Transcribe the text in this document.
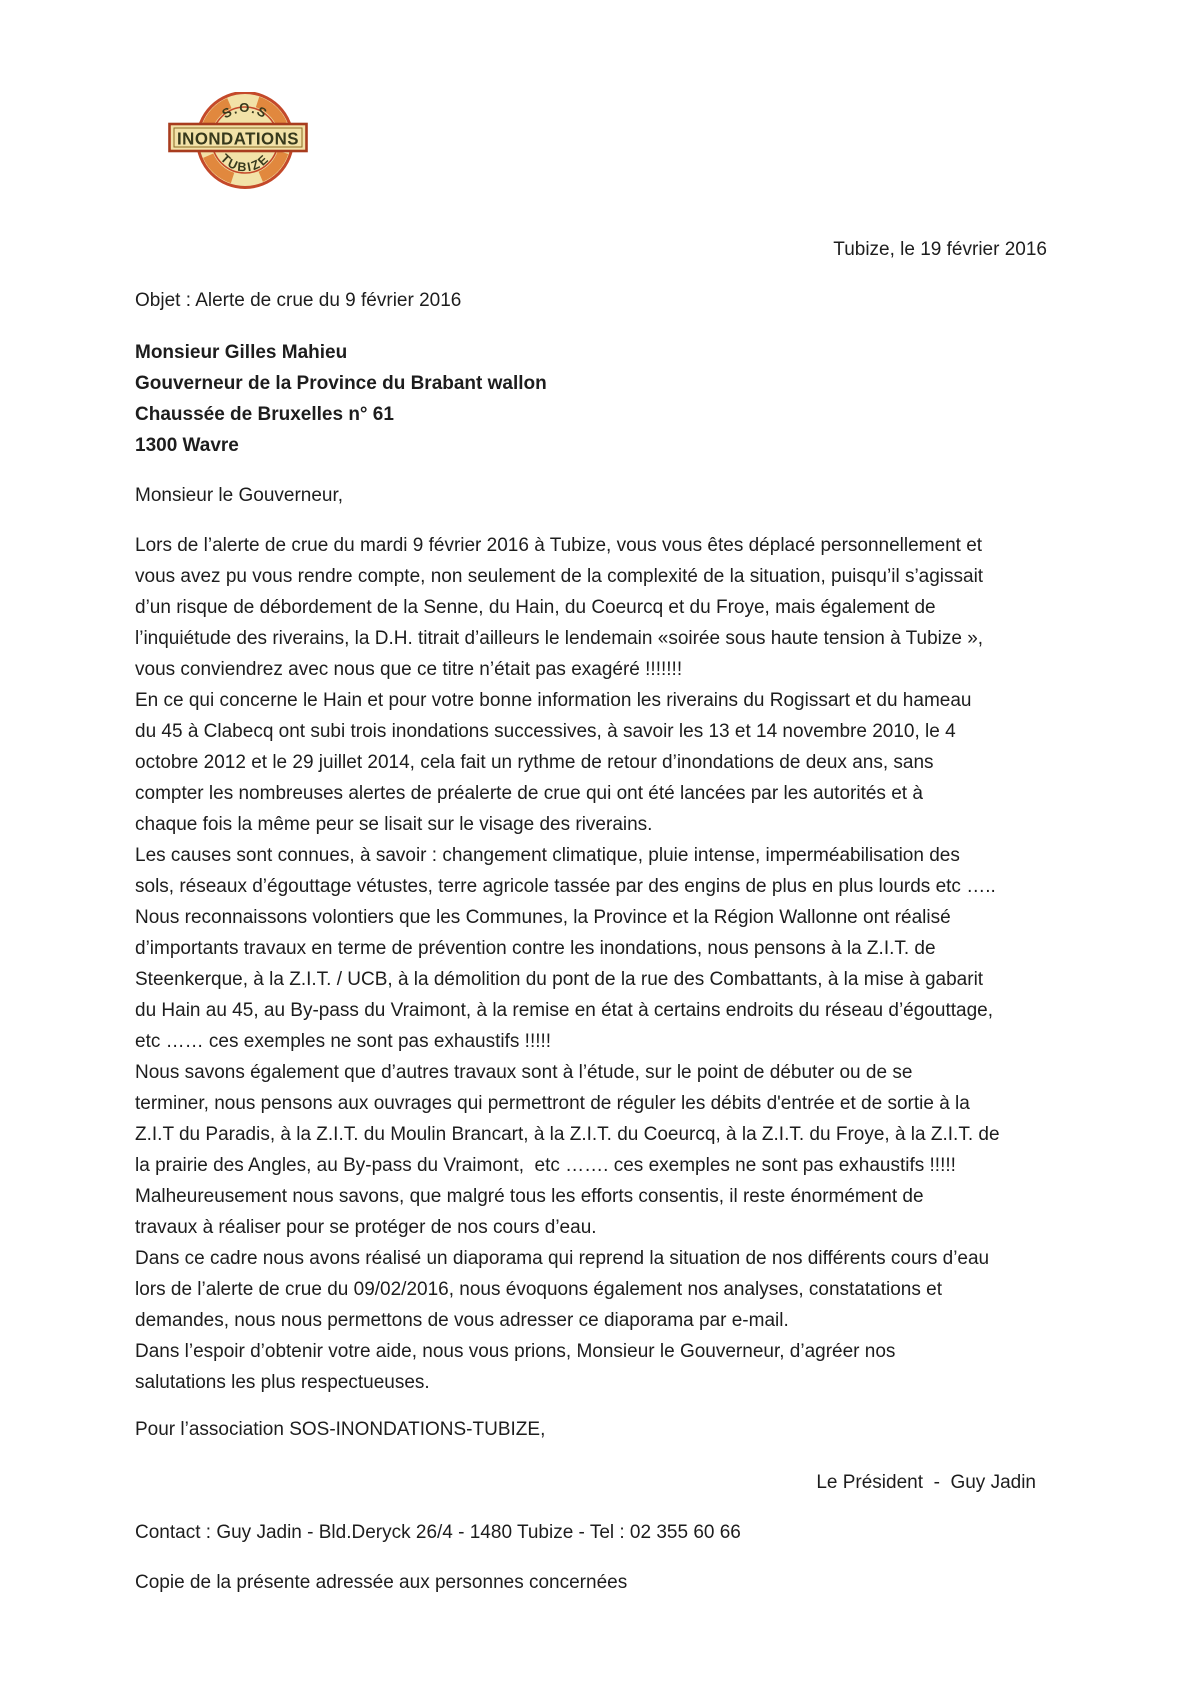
S.O.S
TUBIZE
INONDATIONS
Tubize, le 19 février 2016
Objet : Alerte de crue du 9 février 2016
Monsieur Gilles Mahieu
Gouverneur de la Province du Brabant wallon
Chaussée de Bruxelles n° 61
1300 Wavre
Monsieur le Gouverneur,
Lors de l’alerte de crue du mardi 9 février 2016 à Tubize, vous vous êtes déplacé personnellement et
vous avez pu vous rendre compte, non seulement de la complexité de la situation, puisqu’il s’agissait
d’un risque de débordement de la Senne, du Hain, du Coeurcq et du Froye, mais également de
l’inquiétude des riverains, la D.H. titrait d’ailleurs le lendemain «soirée sous haute tension à Tubize »,
vous conviendrez avec nous que ce titre n’était pas exagéré !!!!!!!
En ce qui concerne le Hain et pour votre bonne information les riverains du Rogissart et du hameau
du 45 à Clabecq ont subi trois inondations successives, à savoir les 13 et 14 novembre 2010, le 4
octobre 2012 et le 29 juillet 2014, cela fait un rythme de retour d’inondations de deux ans, sans
compter les nombreuses alertes de préalerte de crue qui ont été lancées par les autorités et à
chaque fois la même peur se lisait sur le visage des riverains.
Les causes sont connues, à savoir : changement climatique, pluie intense, imperméabilisation des
sols, réseaux d’égouttage vétustes, terre agricole tassée par des engins de plus en plus lourds etc …..
Nous reconnaissons volontiers que les Communes, la Province et la Région Wallonne ont réalisé
d’importants travaux en terme de prévention contre les inondations, nous pensons à la Z.I.T. de
Steenkerque, à la Z.I.T. / UCB, à la démolition du pont de la rue des Combattants, à la mise à gabarit
du Hain au 45, au By-pass du Vraimont, à la remise en état à certains endroits du réseau d’égouttage,
etc …… ces exemples ne sont pas exhaustifs !!!!!
Nous savons également que d’autres travaux sont à l’étude, sur le point de débuter ou de se
terminer, nous pensons aux ouvrages qui permettront de réguler les débits d'entrée et de sortie à la
Z.I.T du Paradis, à la Z.I.T. du Moulin Brancart, à la Z.I.T. du Coeurcq, à la Z.I.T. du Froye, à la Z.I.T. de
la prairie des Angles, au By-pass du Vraimont,  etc ……. ces exemples ne sont pas exhaustifs !!!!!
Malheureusement nous savons, que malgré tous les efforts consentis, il reste énormément de
travaux à réaliser pour se protéger de nos cours d’eau.
Dans ce cadre nous avons réalisé un diaporama qui reprend la situation de nos différents cours d’eau
lors de l’alerte de crue du 09/02/2016, nous évoquons également nos analyses, constatations et
demandes, nous nous permettons de vous adresser ce diaporama par e-mail.
Dans l’espoir d’obtenir votre aide, nous vous prions, Monsieur le Gouverneur, d’agréer nos
salutations les plus respectueuses.
Pour l’association SOS-INONDATIONS-TUBIZE,
Le Président  -  Guy Jadin
Contact : Guy Jadin - Bld.Deryck 26/4 - 1480 Tubize - Tel : 02 355 60 66
Copie de la présente adressée aux personnes concernées
